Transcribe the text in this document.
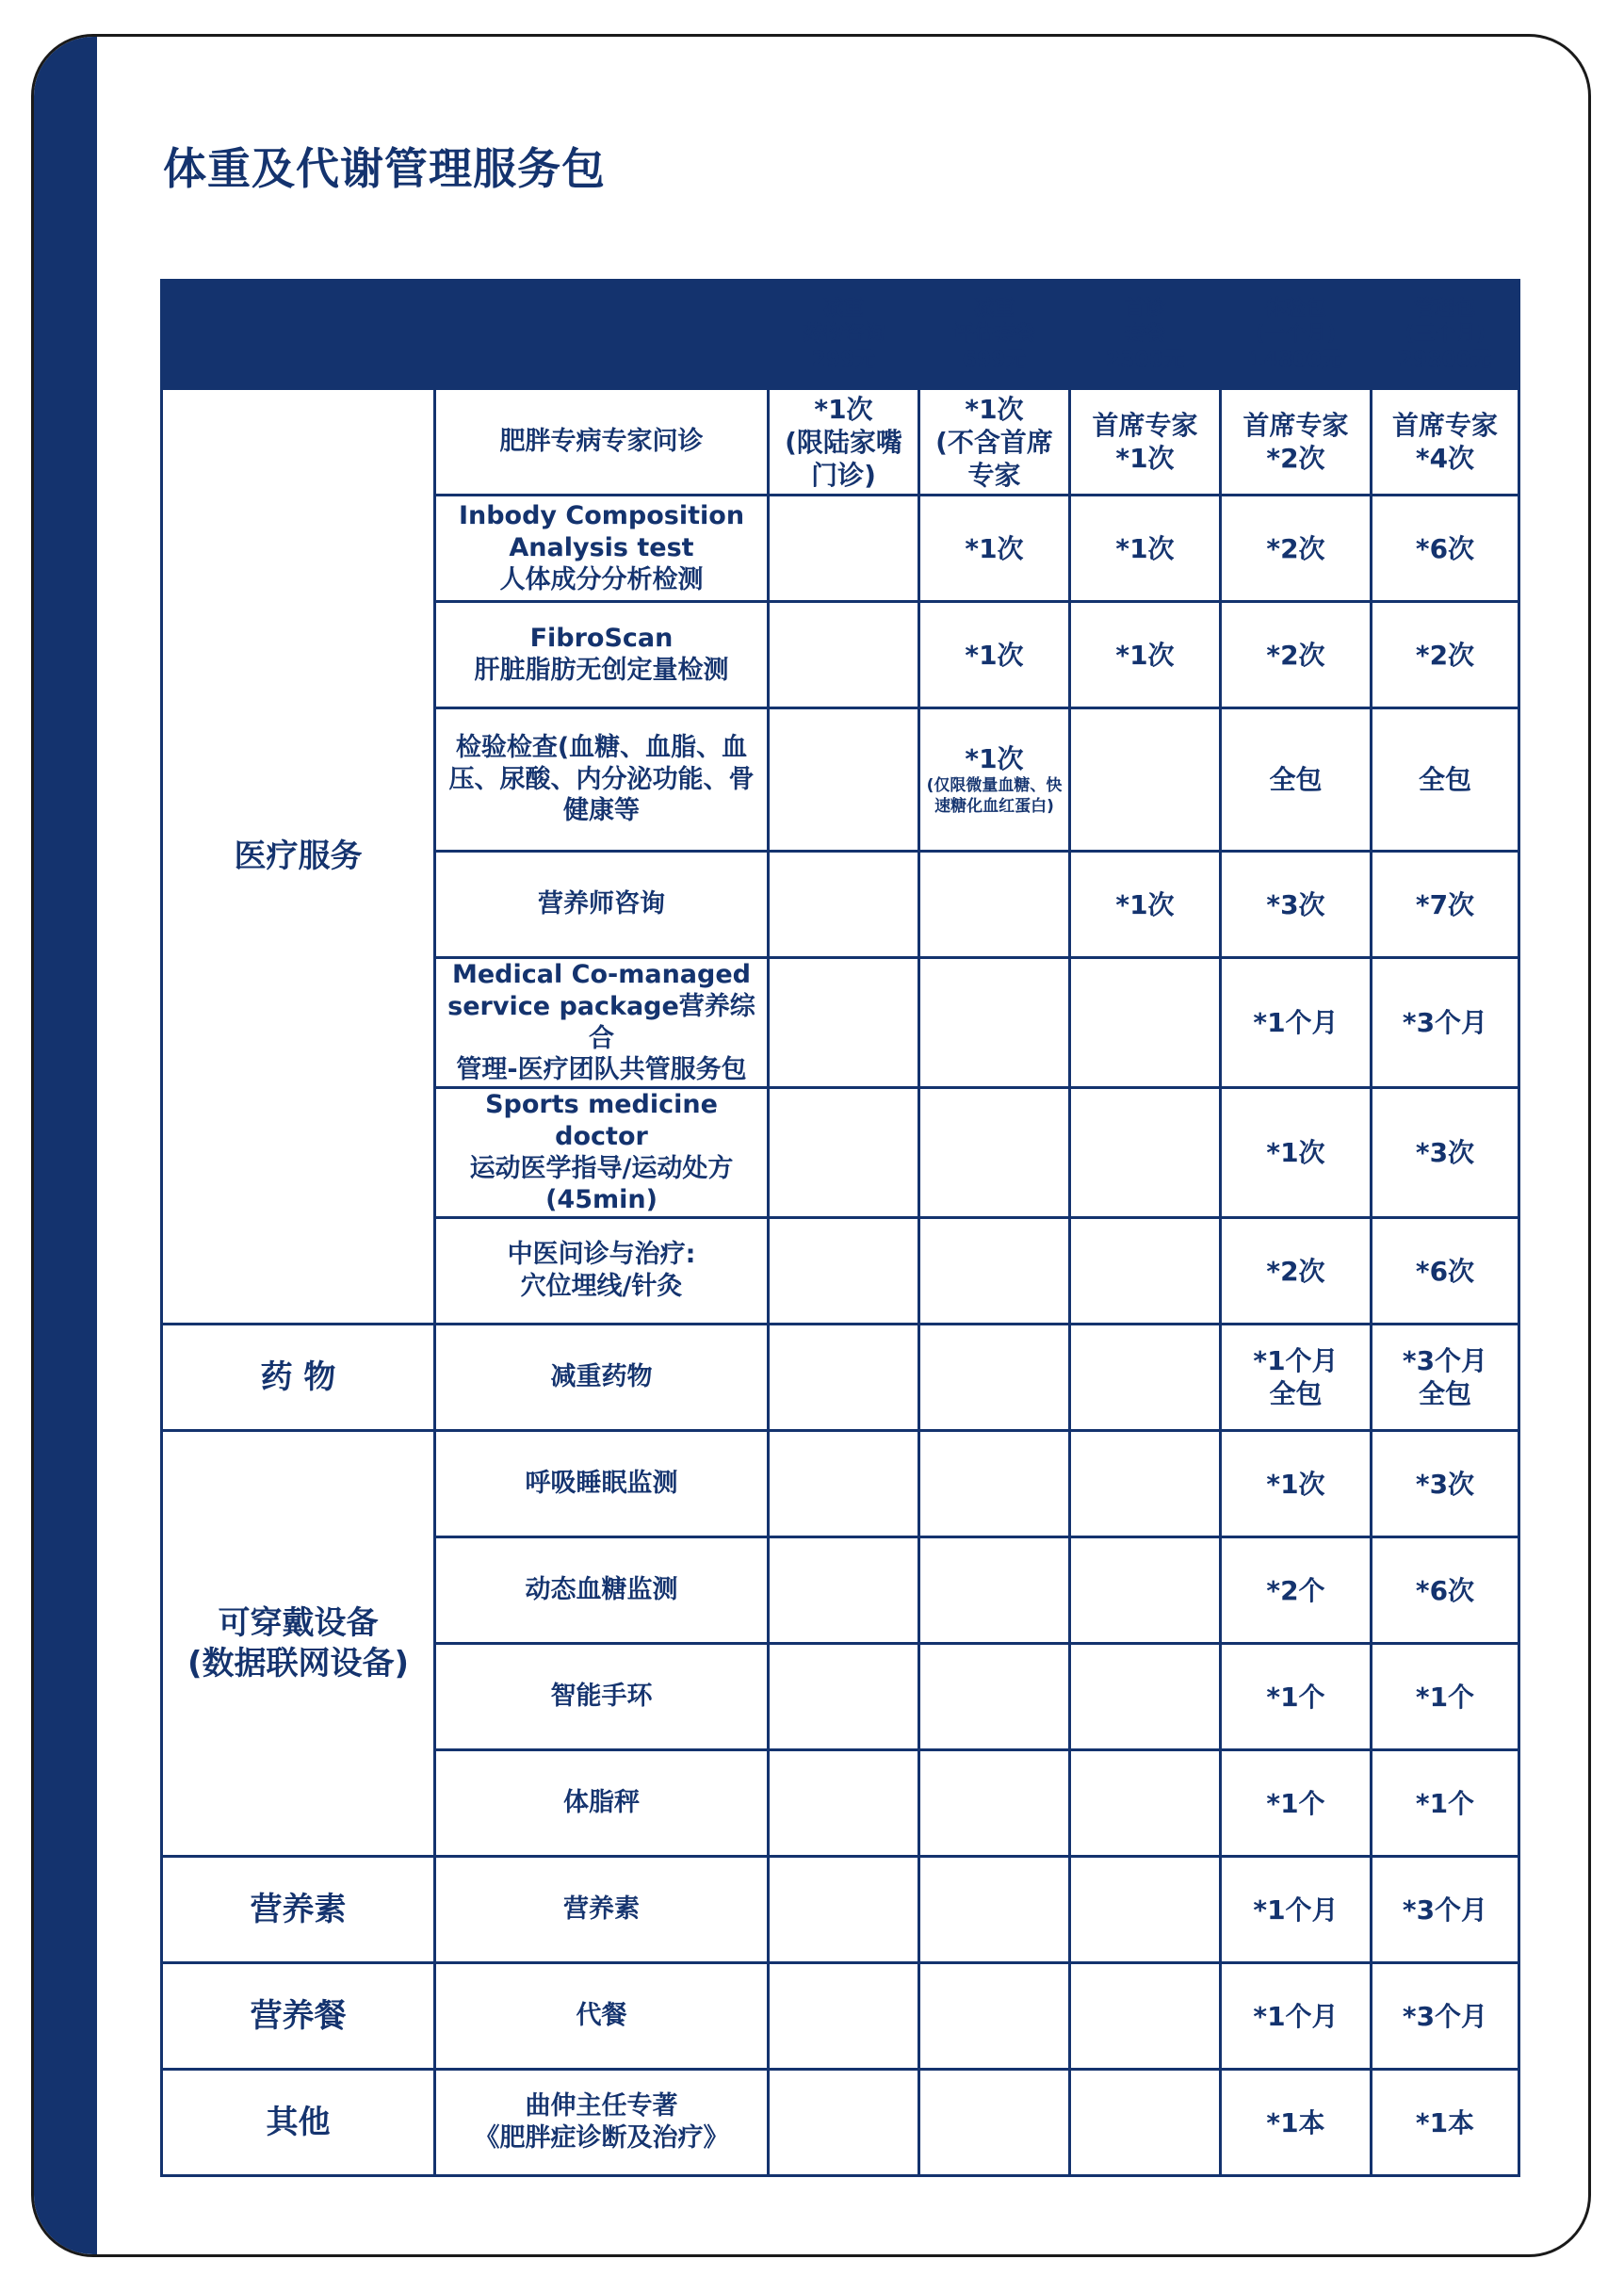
体重及代谢管理服务包
		减重
药物咨询
299元	减重
评估套餐
699元	首诊
套餐
2300元	体验包
(一个月)
14800元	管理包
(三个月)
29800元
医疗服务	肥胖专病专家问诊	*1次
(限陆家嘴
门诊)	*1次
(不含首席
专家	首席专家
*1次	首席专家
*2次	首席专家
*4次
	Inbody Composition
Analysis test
人体成分分析检测		*1次	*1次	*2次	*6次
	FibroScan
肝脏脂肪无创定量检测		*1次	*1次	*2次	*2次
	检验检查(血糖、血脂、血
压、尿酸、内分泌功能、骨
健康等		*1次

(仅限微量血糖、快
速糖化血红蛋白)		全包	全包
	营养师咨询			*1次	*3次	*7次
	Medical Co-managed
service package营养综合
管理-医疗团队共管服务包				*1个月	*3个月
	Sports medicine doctor
运动医学指导/运动处方
(45min)				*1次	*3次
	中医问诊与治疗:
穴位埋线/针灸				*2次	*6次
药 物	减重药物				*1个月
全包	*3个月
全包
可穿戴设备
(数据联网设备)	呼吸睡眠监测				*1次	*3次
	动态血糖监测				*2个	*6次
	智能手环				*1个	*1个
	体脂秤				*1个	*1个
营养素	营养素				*1个月	*3个月
营养餐	代餐				*1个月	*3个月
其他	曲伸主任专著
《肥胖症诊断及治疗》				*1本	*1本
